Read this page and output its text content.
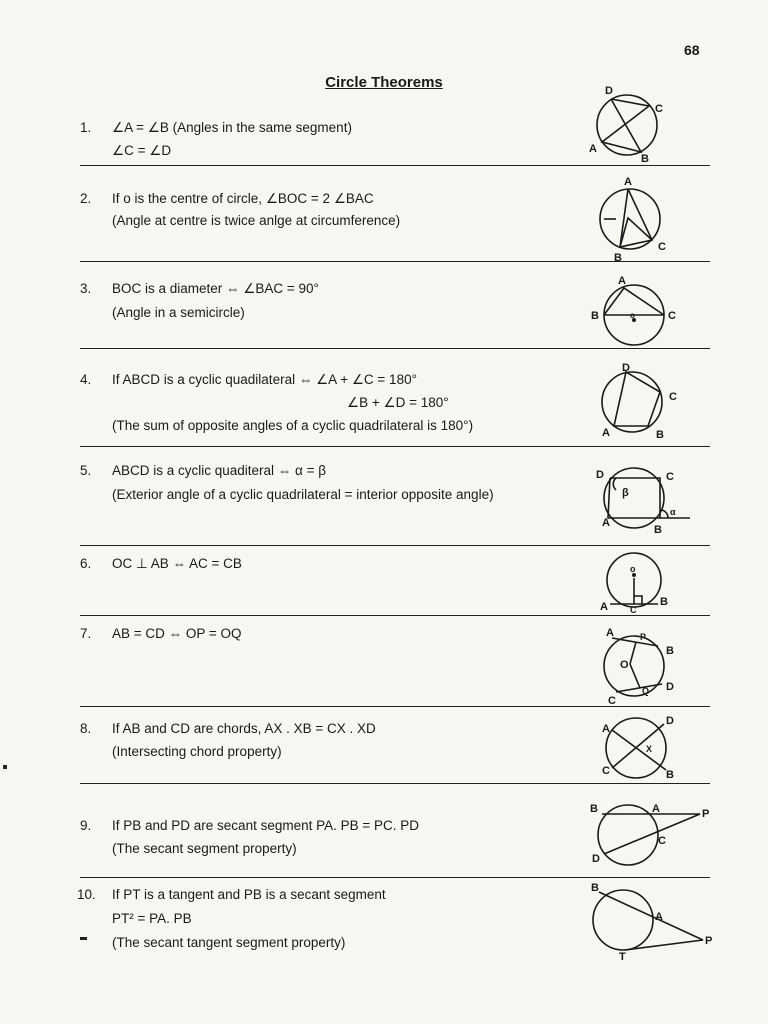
68
Circle Theorems
1. ∠A = ∠B (Angles in the same segment)
∠C = ∠D
D
C
A
B
2. If o is the centre of circle, ∠BOC = 2 ∠BAC
(Angle at centre is twice anlge at circumference)
A
B
C
3. BOC is a diameter ⇔ ∠BAC = 90°
(Angle in a semicircle)
A
B	o	C
4. If ABCD is a cyclic quadilateral ⇔ ∠A + ∠C = 180°
∠B + ∠D = 180°
(The sum of opposite angles of a cyclic quadrilateral is 180°)
D
C
A	B
5. ABCD is a cyclic quaditeral ⇔ α = β
(Exterior angle of a cyclic quadrilateral = interior opposite angle)
D	C
β
α
A
B
6. OC ⊥ AB ⇔ AC = CB	o
A C
B
7. AB = CD ⇔ OP = OQ	A	P
B
O
C
Q D
8. If AB and CD are chords, AX . XB = CX . XD
(Intersecting chord property)
A
D
X
C	B
9. If PB and PD are secant segment PA. PB = PC. PD
(The secant segment property)
B	A	P
C
D
10. If PT is a tangent and PB is a secant segment
PT² = PA. PB
(The secant tangent segment property)
B
A
T
P
